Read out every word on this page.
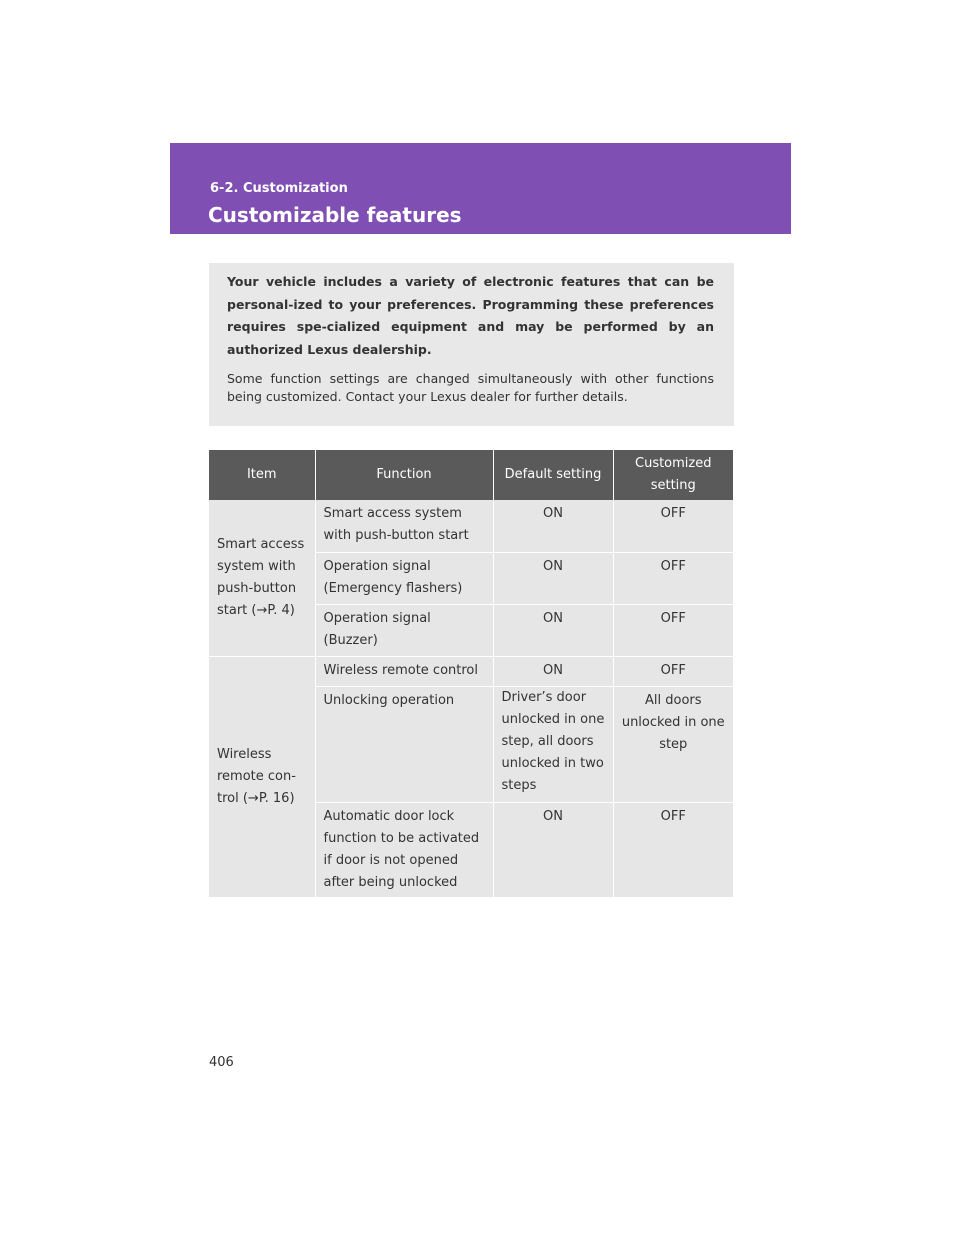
6-2. Customization
Customizable features
Your vehicle includes a variety of electronic features that can be personal-ized to your preferences. Programming these preferences requires spe-cialized equipment and may be performed by an authorized Lexus dealership.
Some function settings are changed simultaneously with other functions being customized. Contact your Lexus dealer for further details.
Item	Function	Default setting	Customized setting
Smart access system with push-button start (→P. 4)	Smart access system with push-button start	ON	OFF
	Operation signal (Emergency flashers)	ON	OFF
	Operation signal (Buzzer)	ON	OFF
Wireless remote con-trol (→P. 16)	Wireless remote control	ON	OFF
	Unlocking operation	Driver’s door unlocked in one step, all doors unlocked in two steps	All doors unlocked in one step
	Automatic door lock function to be activated if door is not opened after being unlocked	ON	OFF
406
